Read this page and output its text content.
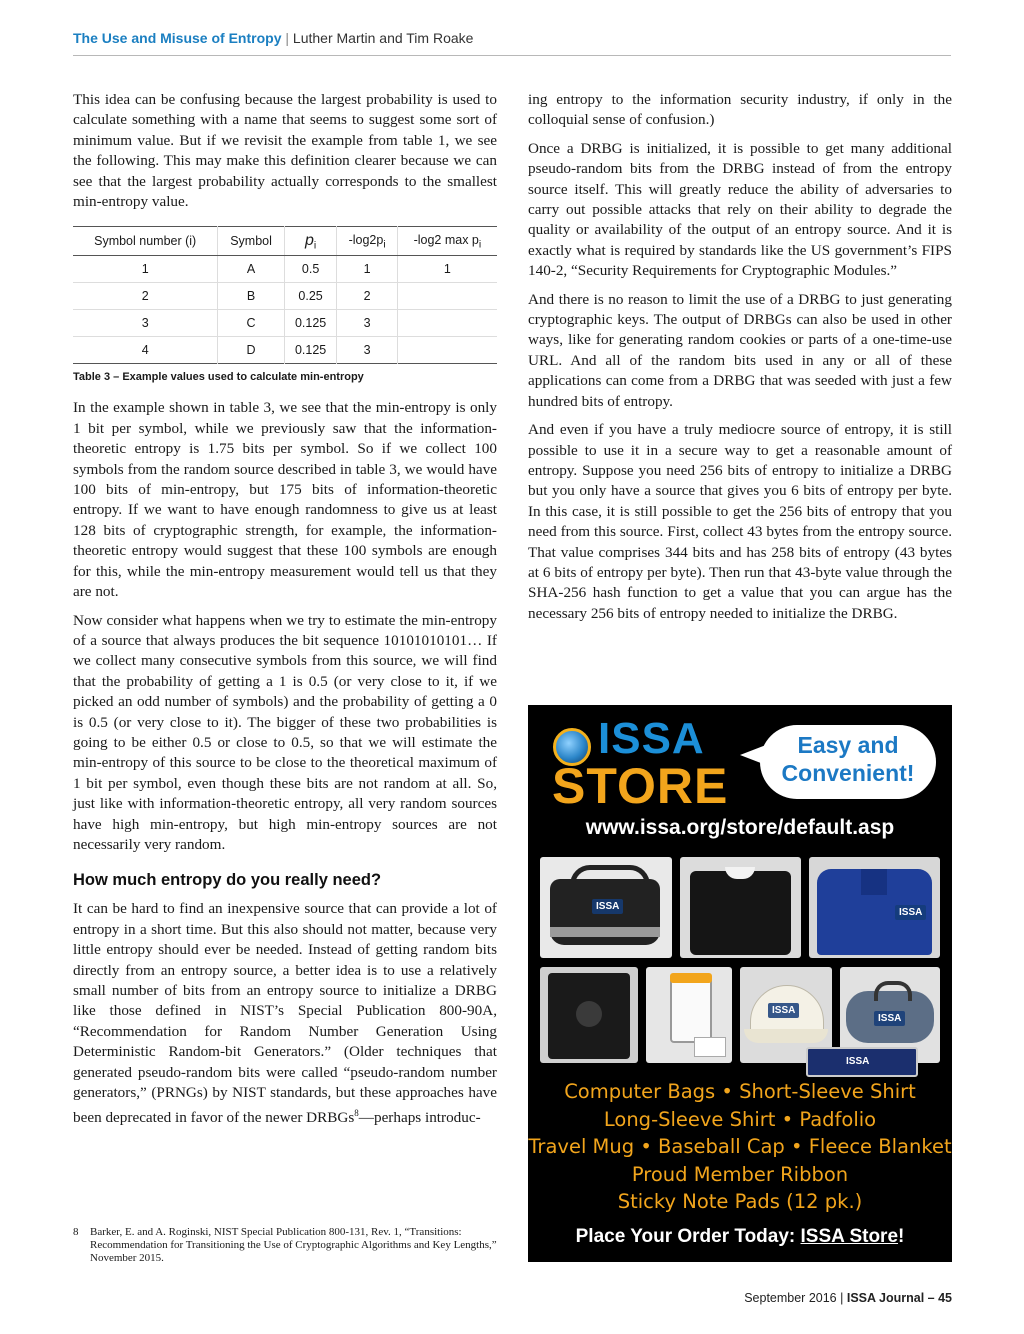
The Use and Misuse of Entropy | Luther Martin and Tim Roake

This idea can be confusing because the largest probability is used to calculate something with a name that seems to suggest some sort of minimum value. But if we revisit the example from table 1, we see the following. This may make this definition clearer because we can see that the largest probability actually corresponds to the smallest min-entropy value.

Symbol number (i)	Symbol	$p_i$	$-\log 2p_i$	-log2 $\max p_i$
1	A	0.5	1	1
2	B	0.25	2	
3	C	0.125	3	
4	D	0.125	3	
Table 3 – Example values used to calculate min-entropy

In the example shown in table 3, we see that the min-entropy is only 1 bit per symbol, while we previously saw that the information-theoretic entropy is 1.75 bits per symbol. So if we collect 100 symbols from the random source described in table 3, we would have 100 bits of min-entropy, but 175 bits of information-theoretic entropy. If we want to have enough randomness to give us at least 128 bits of cryptographic strength, for example, the information-theoretic entropy would suggest that these 100 symbols are enough for this, while the min-entropy measurement would tell us that they are not.

Now consider what happens when we try to estimate the min-entropy of a source that always produces the bit sequence 10101010101… If we collect many consecutive symbols from this source, we will find that the probability of getting a 1 is 0.5 (or very close to it, if we picked an odd number of symbols) and the probability of getting a 0 is 0.5 (or very close to it). The bigger of these two probabilities is going to be either 0.5 or close to 0.5, so that we will estimate the min-entropy of this source to be close to the theoretical maximum of 1 bit per symbol, even though these bits are not random at all. So, just like with information-theoretic entropy, all very random sources have high min-entropy, but high min-entropy sources are not necessarily very random.

How much entropy do you really need?

It can be hard to find an inexpensive source that can provide a lot of entropy in a short time. But this also should not matter, because very little entropy should ever be needed. Instead of getting random bits directly from an entropy source, a better idea is to use a relatively small number of bits from an entropy source to initialize a DRBG like those defined in NIST’s Special Publication 800-90A, “Recommendation for Random Number Generation Using Deterministic Random-bit Generators.” (Older techniques that generated pseudo-random bits were called “pseudo-random number generators,” (PRNGs) by NIST standards, but these approaches have been deprecated in favor of the newer DRBGs$^8$—perhaps introduc-

8 Barker, E. and A. Roginski, NIST Special Publication 800-131, Rev. 1, “Transitions: Recommendation for Transitioning the Use of Cryptographic Algorithms and Key Lengths,” November 2015.

ing entropy to the information security industry, if only in the colloquial sense of confusion.)

Once a DRBG is initialized, it is possible to get many additional pseudo-random bits from the DRBG instead of from the entropy source itself. This will greatly reduce the ability of adversaries to carry out possible attacks that rely on their ability to degrade the quality or availability of the output of an entropy source. And it is exactly what is required by standards like the US government’s FIPS 140-2, “Security Requirements for Cryptographic Modules.”

And there is no reason to limit the use of a DRBG to just generating cryptographic keys. The output of DRBGs can also be used in other ways, like for generating random cookies or parts of a one-time-use URL. And all of the random bits used in any or all of these applications can come from a DRBG that was seeded with just a few hundred bits of entropy.

And even if you have a truly mediocre source of entropy, it is still possible to use it in a secure way to get a reasonable amount of entropy. Suppose you need 256 bits of entropy to initialize a DRBG but you only have a source that gives you 6 bits of entropy per byte. In this case, it is still possible to get the 256 bits of entropy that you need from this source. First, collect 43 bytes from the entropy source. That value comprises 344 bits and has 258 bits of entropy (43 bytes at 6 bits of entropy per byte). Then run that 43-byte value through the SHA-256 hash function to get a value that you can argue has the necessary 256 bits of entropy needed to initialize the DRBG.

ISSA
STORE
Easy and
Convenient!
www.issa.org/store/default.asp
ISSA
ISSA
ISSA
ISSA
ISSA
Computer Bags • Short-Sleeve Shirt
Long-Sleeve Shirt • Padfolio
Travel Mug • Baseball Cap • Fleece Blanket
Proud Member Ribbon
Sticky Note Pads (12 pk.)
Place Your Order Today: ISSA Store!
September 2016 | ISSA Journal – 45
